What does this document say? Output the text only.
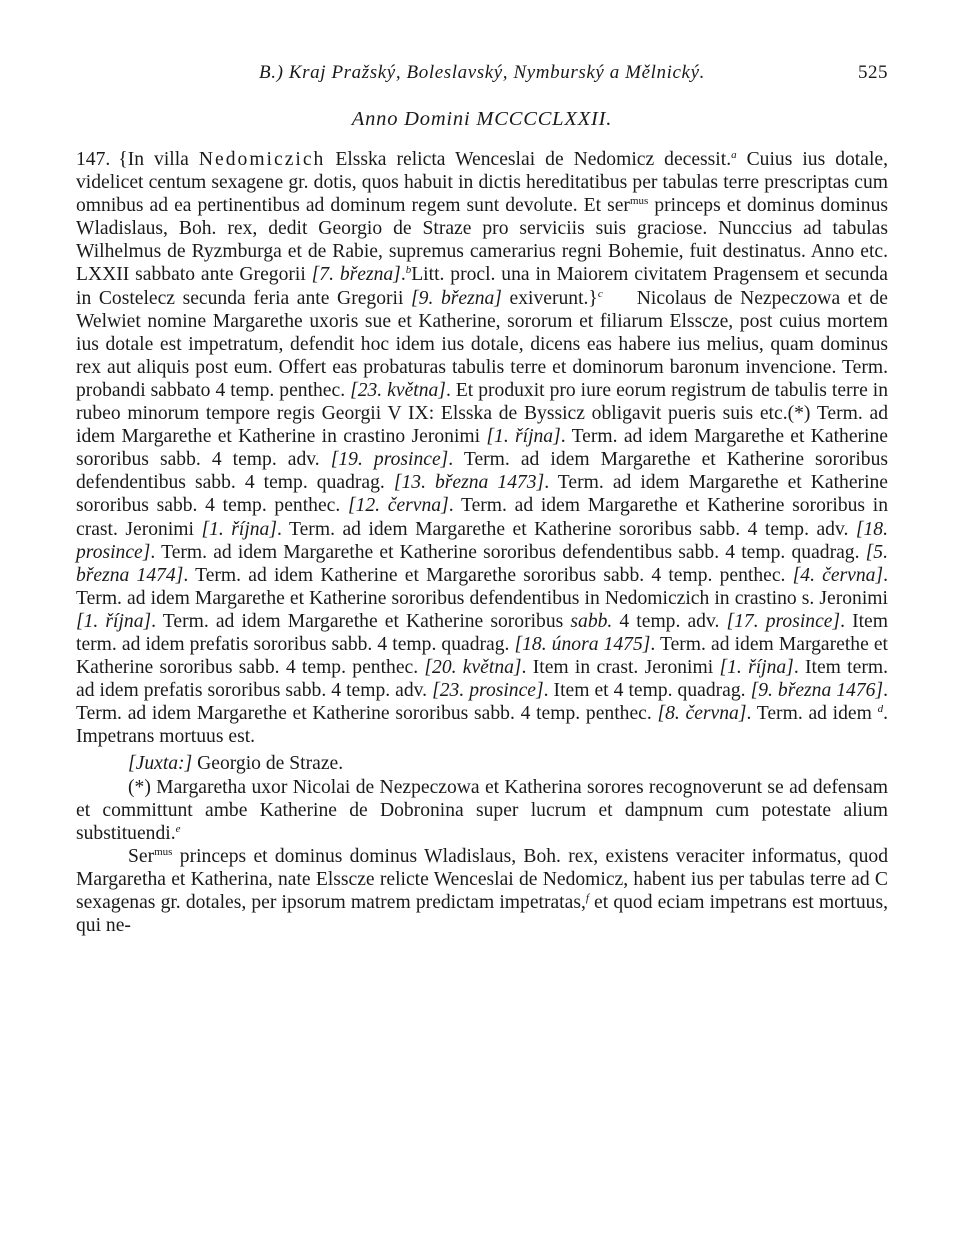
B.) Kraj Pražský, Boleslavský, Nymburský a Mělnický.	525
Anno Domini MCCCCLXXII.

147. {In villa Nedomiczich Elsska relicta Wenceslai de Nedomicz decessit.$^a$ Cuius ius dotale, videlicet centum sexagene gr. dotis, quos habuit in dictis hereditatibus per tabulas terre prescriptas cum omnibus ad ea pertinentibus ad dominum regem sunt devolute. Et ser$^{mus}$ princeps et dominus dominus Wladislaus, Boh. rex, dedit Georgio de Straze pro serviciis suis graciose. Nunccius ad tabulas Wilhelmus de Ryzmburga et de Rabie, supremus camerarius regni Bohemie, fuit destinatus. Anno etc. LXXII sabbato ante Gregorii [7. března].$^b$Litt. procl. una in Maiorem civitatem Pragensem et secunda in Costelecz secunda feria ante Gregorii [9. března] exiverunt.}$^c$ Nicolaus de Nezpeczowa et de Welwiet nomine Margarethe uxoris sue et Katherine, sororum et filiarum Elsscze, post cuius mortem ius dotale est impetratum, defendit hoc idem ius dotale, dicens eas habere ius melius, quam dominus rex aut aliquis post eum. Offert eas probaturas tabulis terre et dominorum baronum invencione. Term. probandi sabbato 4 temp. penthec. [23. května]. Et produxit pro iure eorum registrum de tabulis terre in rubeo minorum tempore regis Georgii V IX: Elsska de Byssicz obligavit pueris suis etc.(*) Term. ad idem Margarethe et Katherine in crastino Jeronimi [1. října]. Term. ad idem Margarethe et Katherine sororibus sabb. 4 temp. adv. [19. prosince]. Term. ad idem Margarethe et Katherine sororibus defendentibus sabb. 4 temp. quadrag. [13. března 1473]. Term. ad idem Margarethe et Katherine sororibus sabb. 4 temp. penthec. [12. června]. Term. ad idem Margarethe et Katherine sororibus in crast. Jeronimi [1. října]. Term. ad idem Margarethe et Katherine sororibus sabb. 4 temp. adv. [18. prosince]. Term. ad idem Margarethe et Katherine sororibus defendentibus sabb. 4 temp. quadrag. [5. března 1474]. Term. ad idem Katherine et Margarethe sororibus sabb. 4 temp. penthec. [4. června]. Term. ad idem Margarethe et Katherine sororibus defendentibus in Nedomiczich in crastino s. Jeronimi [1. října]. Term. ad idem Margarethe et Katherine sororibus sabb. 4 temp. adv. [17. prosince]. Item term. ad idem prefatis sororibus sabb. 4 temp. quadrag. [18. února 1475]. Term. ad idem Margarethe et Katherine sororibus sabb. 4 temp. penthec. [20. května]. Item in crast. Jeronimi [1. října]. Item term. ad idem prefatis sororibus sabb. 4 temp. adv. [23. prosince]. Item et 4 temp. quadrag. [9. března 1476]. Term. ad idem Margarethe et Katherine sororibus sabb. 4 temp. penthec. [8. června]. Term. ad idem $^d$. Impetrans mortuus est.

[Juxta:] Georgio de Straze.

(*) Margaretha uxor Nicolai de Nezpeczowa et Katherina sorores recognoverunt se ad defensam et committunt ambe Katherine de Dobronina super lucrum et dampnum cum potestate alium substituendi.$^e$

Ser$^{mus}$ princeps et dominus dominus Wladislaus, Boh. rex, existens veraciter informatus, quod Margaretha et Katherina, nate Elsscze relicte Wenceslai de Nedomicz, habent ius per tabulas terre ad C sexagenas gr. dotales, per ipsorum matrem predictam impetratas,$^f$ et quod eciam impetrans est mortuus, qui ne-
